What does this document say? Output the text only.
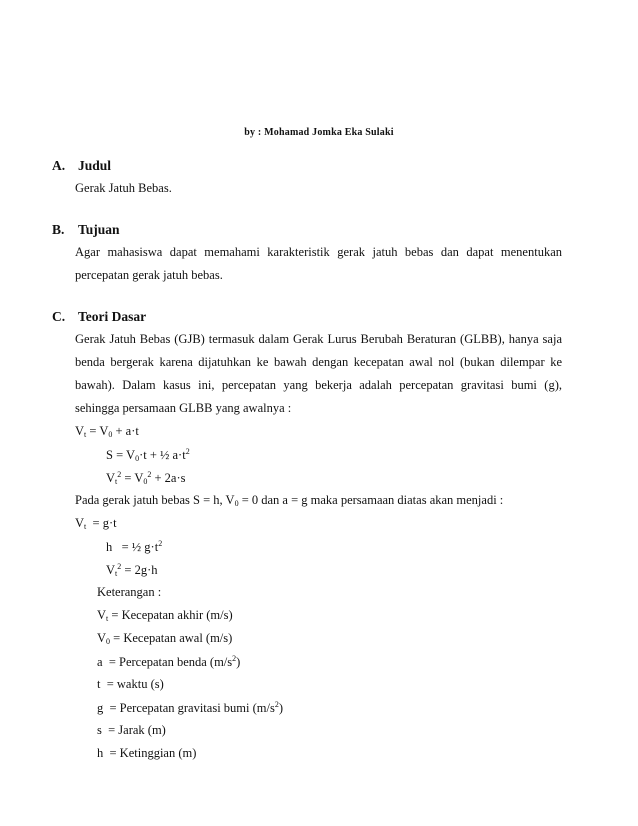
by : Mohamad Jomka Eka Sulaki
A. Judul
Gerak Jatuh Bebas.
B. Tujuan
Agar mahasiswa dapat memahami karakteristik gerak jatuh bebas dan dapat menentukan
percepatan gerak jatuh bebas.
C. Teori Dasar
Gerak Jatuh Bebas (GJB) termasuk dalam Gerak Lurus Berubah Beraturan (GLBB), hanya saja
benda bergerak karena dijatuhkan ke bawah dengan kecepatan awal nol (bukan dilempar ke
bawah). Dalam kasus ini, percepatan yang bekerja adalah percepatan gravitasi bumi (g),
sehingga persamaan GLBB yang awalnya :
$V_t = V_0 + a\cdot t$
$S = V_0\cdot t$ + ½ $a\cdot t^2$
$V_t^2 = V_0^2 + 2a\cdot s$
Pada gerak jatuh bebas S = h, $V_0 = 0$ dan a = g maka persamaan diatas akan menjadi :
$V_t = g\cdot t$
h   = ½ $g\cdot t^2$
$V_t^2 = 2g\cdot h$
Keterangan :
$V_t$ = Kecepatan akhir (m/s)
$V_0$ = Kecepatan awal (m/s)
a  = Percepatan benda $(m/s^2)$
t  = waktu (s)
g  = Percepatan gravitasi bumi $(m/s^2)$
s  = Jarak (m)
h  = Ketinggian (m)
